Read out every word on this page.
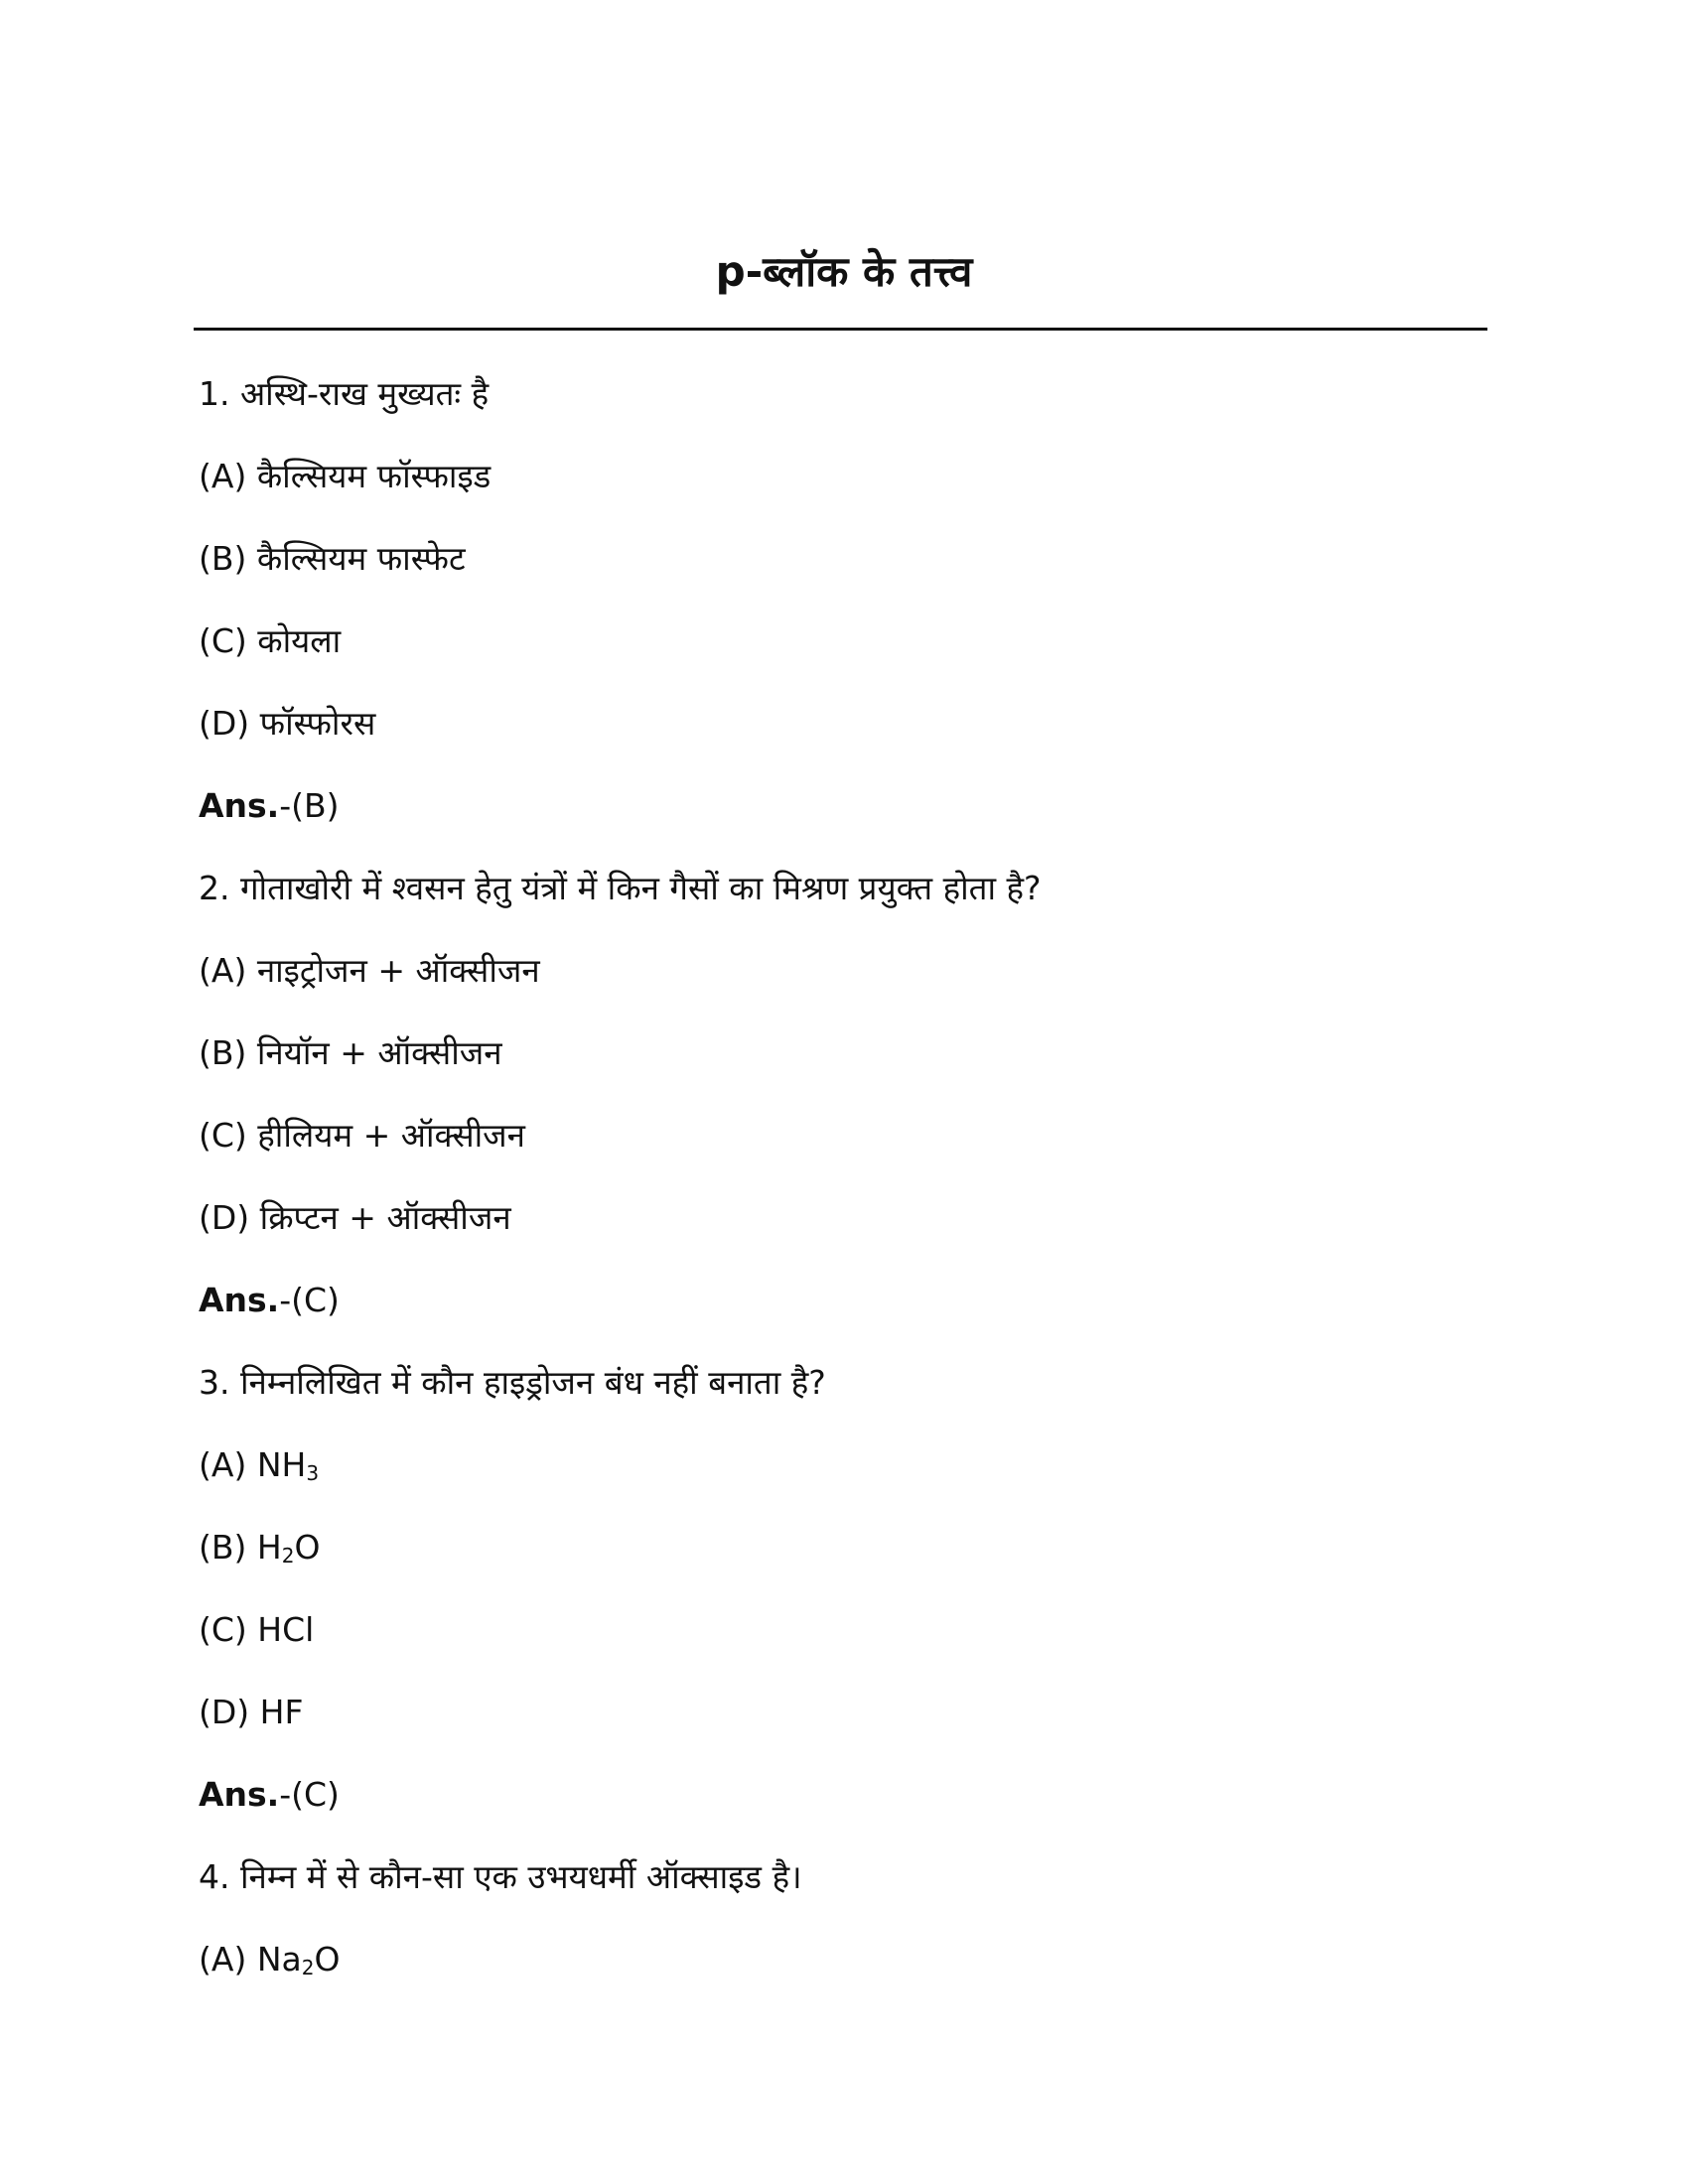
p-ब्लॉक के तत्त्व
1. अस्थि-राख मुख्यतः है
(A) कैल्सियम फॉस्फाइड
(B) कैल्सियम फास्फेट
(C) कोयला
(D) फॉस्फोरस
Ans.-(B)
2. गोताखोरी में श्वसन हेतु यंत्रों में किन गैसों का मिश्रण प्रयुक्त होता है?
(A) नाइट्रोजन + ऑक्सीजन
(B) नियॉन + ऑक्सीजन
(C) हीलियम + ऑक्सीजन
(D) क्रिप्टन + ऑक्सीजन
Ans.-(C)
3. निम्नलिखित में कौन हाइड्रोजन बंध नहीं बनाता है?
(A) $NH_3$
(B) $H_2O$
(C) HCl
(D) HF
Ans.-(C)
4. निम्न में से कौन-सा एक उभयधर्मी ऑक्साइड है।
(A) $Na_2O$
